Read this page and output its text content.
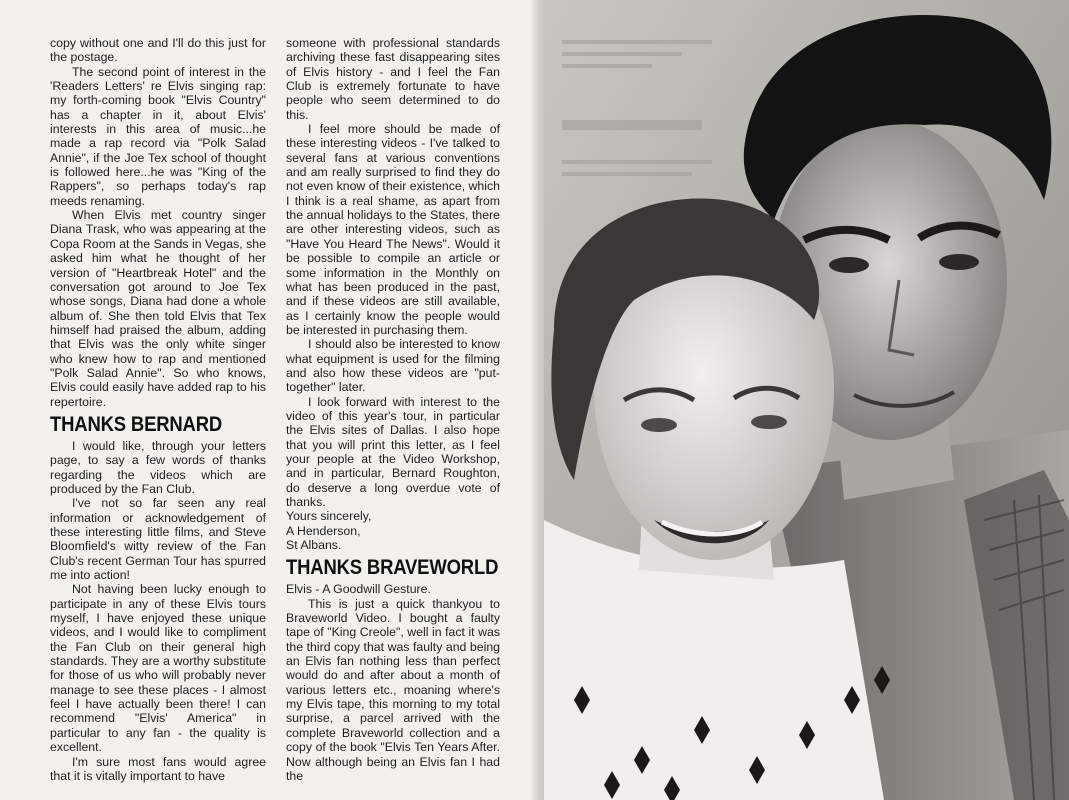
copy without one and I'll do this just for the postage.

The second point of interest in the 'Readers Letters' re Elvis singing rap: my forth-coming book "Elvis Country" has a chapter in it, about Elvis' interests in this area of music...he made a rap record via "Polk Salad Annie", if the Joe Tex school of thought is followed here...he was "King of the Rappers", so perhaps today's rap meeds renaming.

When Elvis met country singer Diana Trask, who was appearing at the Copa Room at the Sands in Vegas, she asked him what he thought of her version of "Heartbreak Hotel" and the conversation got around to Joe Tex whose songs, Diana had done a whole album of. She then told Elvis that Tex himself had praised the album, adding that Elvis was the only white singer who knew how to rap and mentioned "Polk Salad Annie". So who knows, Elvis could easily have added rap to his repertoire.

THANKS BERNARD

I would like, through your letters page, to say a few words of thanks regarding the videos which are produced by the Fan Club.

I've not so far seen any real information or acknowledgement of these interesting little films, and Steve Bloomfield's witty review of the Fan Club's recent German Tour has spurred me into action!

Not having been lucky enough to participate in any of these Elvis tours myself, I have enjoyed these unique videos, and I would like to compliment the Fan Club on their general high standards. They are a worthy substitute for those of us who will probably never manage to see these places - I almost feel I have actually been there! I can recommend "Elvis' America" in particular to any fan - the quality is excellent.

I'm sure most fans would agree that it is vitally important to have

someone with professional standards archiving these fast disappearing sites of Elvis history - and I feel the Fan Club is extremely fortunate to have people who seem determined to do this.

I feel more should be made of these interesting videos - I've talked to several fans at various conventions and am really surprised to find they do not even know of their existence, which I think is a real shame, as apart from the annual holidays to the States, there are other interesting videos, such as "Have You Heard The News". Would it be possible to compile an article or some information in the Monthly on what has been produced in the past, and if these videos are still available, as I certainly know the people would be interested in purchasing them.

I should also be interested to know what equipment is used for the filming and also how these videos are "put-together" later.

I look forward with interest to the video of this year's tour, in particular the Elvis sites of Dallas. I also hope that you will print this letter, as I feel your people at the Video Workshop, and in particular, Bernard Roughton, do deserve a long overdue vote of thanks.

Yours sincerely,
A Henderson,
St Albans.
THANKS BRAVEWORLD
Elvis - A Goodwill Gesture.

This is just a quick thankyou to Braveworld Video. I bought a faulty tape of "King Creole", well in fact it was the third copy that was faulty and being an Elvis fan nothing less than perfect would do and after about a month of various letters etc., moaning where's my Elvis tape, this morning to my total surprise, a parcel arrived with the complete Braveworld collection and a copy of the book "Elvis Ten Years After. Now although being an Elvis fan I had the
